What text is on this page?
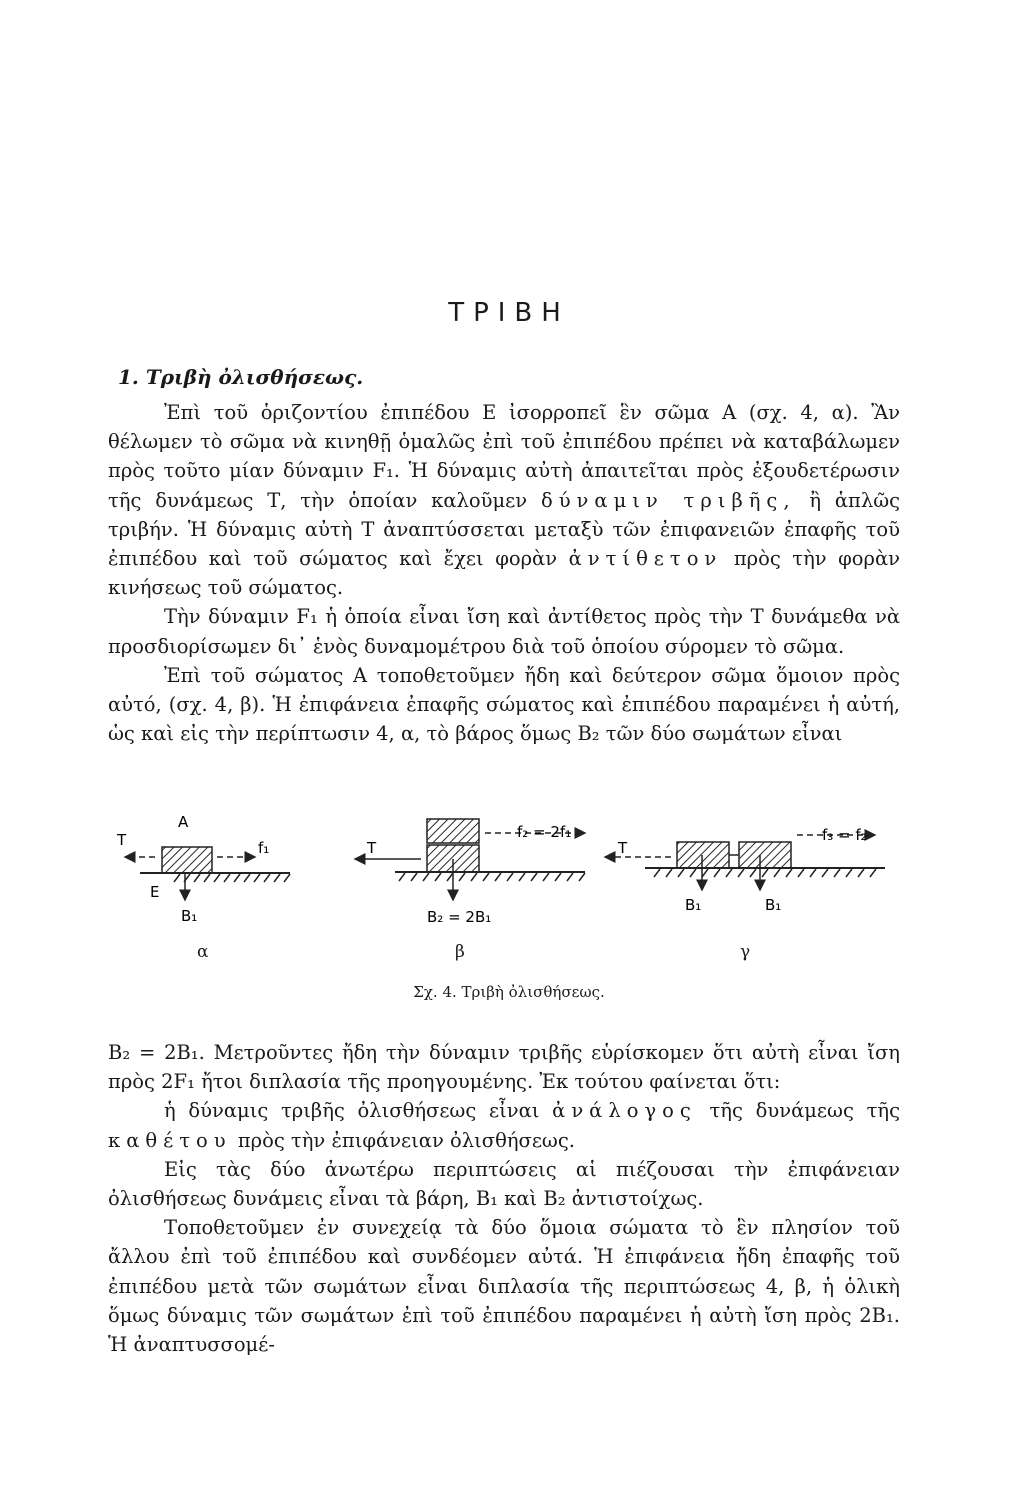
ΤΡΙΒΗ
1. Τριβὴ ὀλισθήσεως.

Ἐπὶ τοῦ ὁριζοντίου ἐπιπέδου Ε ἰσορροπεῖ ἓν σῶμα Α (σχ. 4, α). Ἂν θέλωμεν τὸ σῶμα νὰ κινηθῇ ὁμαλῶς ἐπὶ τοῦ ἐπιπέδου πρέπει νὰ καταβάλωμεν πρὸς τοῦτο μίαν δύναμιν F₁. Ἡ δύναμις αὐτὴ ἀπαιτεῖται πρὸς ἐξουδετέρωσιν τῆς δυνάμεως Τ, τὴν ὁποίαν καλοῦμεν δύναμιν τριβῆς, ἢ ἁπλῶς τριβήν. Ἡ δύναμις αὐτὴ Τ ἀναπτύσσεται μεταξὺ τῶν ἐπιφανειῶν ἐπαφῆς τοῦ ἐπιπέδου καὶ τοῦ σώματος καὶ ἔχει φορὰν ἀντίθετον πρὸς τὴν φορὰν κινήσεως τοῦ σώματος.

Τὴν δύναμιν F₁ ἡ ὁποία εἶναι ἴση καὶ ἀντίθετος πρὸς τὴν Τ δυνάμεθα νὰ προσδιορίσωμεν δι᾽ ἑνὸς δυναμομέτρου διὰ τοῦ ὁποίου σύρομεν τὸ σῶμα.

Ἐπὶ τοῦ σώματος Α τοποθετοῦμεν ἤδη καὶ δεύτερον σῶμα ὅμοιον πρὸς αὐτό, (σχ. 4, β). Ἡ ἐπιφάνεια ἐπαφῆς σώματος καὶ ἐπιπέδου παραμένει ἡ αὐτή, ὡς καὶ εἰς τὴν περίπτωσιν 4, α, τὸ βάρος ὅμως Β₂ τῶν δύο σωμάτων εἶναι

T
A
f₁
E
B₁
T
f₂ = 2f₁
B₂ = 2B₁
T
f₃ = f₂
B₁	B₁
α	β	γ
Σχ. 4. Τριβὴ ὀλισθήσεως.

Β₂ = 2Β₁. Μετροῦντες ἤδη τὴν δύναμιν τριβῆς εὑρίσκομεν ὅτι αὐτὴ εἶναι ἴση πρὸς 2F₁ ἤτοι διπλασία τῆς προηγουμένης. Ἐκ τούτου φαίνεται ὅτι:

ἡ δύναμις τριβῆς ὀλισθήσεως εἶναι ἀνάλογος τῆς δυνάμεως τῆς καθέτου πρὸς τὴν ἐπιφάνειαν ὀλισθήσεως.

Εἰς τὰς δύο ἀνωτέρω περιπτώσεις αἱ πιέζουσαι τὴν ἐπιφάνειαν ὀλισθήσεως δυνάμεις εἶναι τὰ βάρη, Β₁ καὶ Β₂ ἀντιστοίχως.

Τοποθετοῦμεν ἐν συνεχείᾳ τὰ δύο ὅμοια σώματα τὸ ἓν πλησίον τοῦ ἄλλου ἐπὶ τοῦ ἐπιπέδου καὶ συνδέομεν αὐτά. Ἡ ἐπιφάνεια ἤδη ἐπαφῆς τοῦ ἐπιπέδου μετὰ τῶν σωμάτων εἶναι διπλασία τῆς περιπτώσεως 4, β, ἡ ὁλικὴ ὅμως δύναμις τῶν σωμάτων ἐπὶ τοῦ ἐπιπέδου παραμένει ἡ αὐτὴ ἴση πρὸς 2Β₁. Ἡ ἀναπτυσσομέ-
